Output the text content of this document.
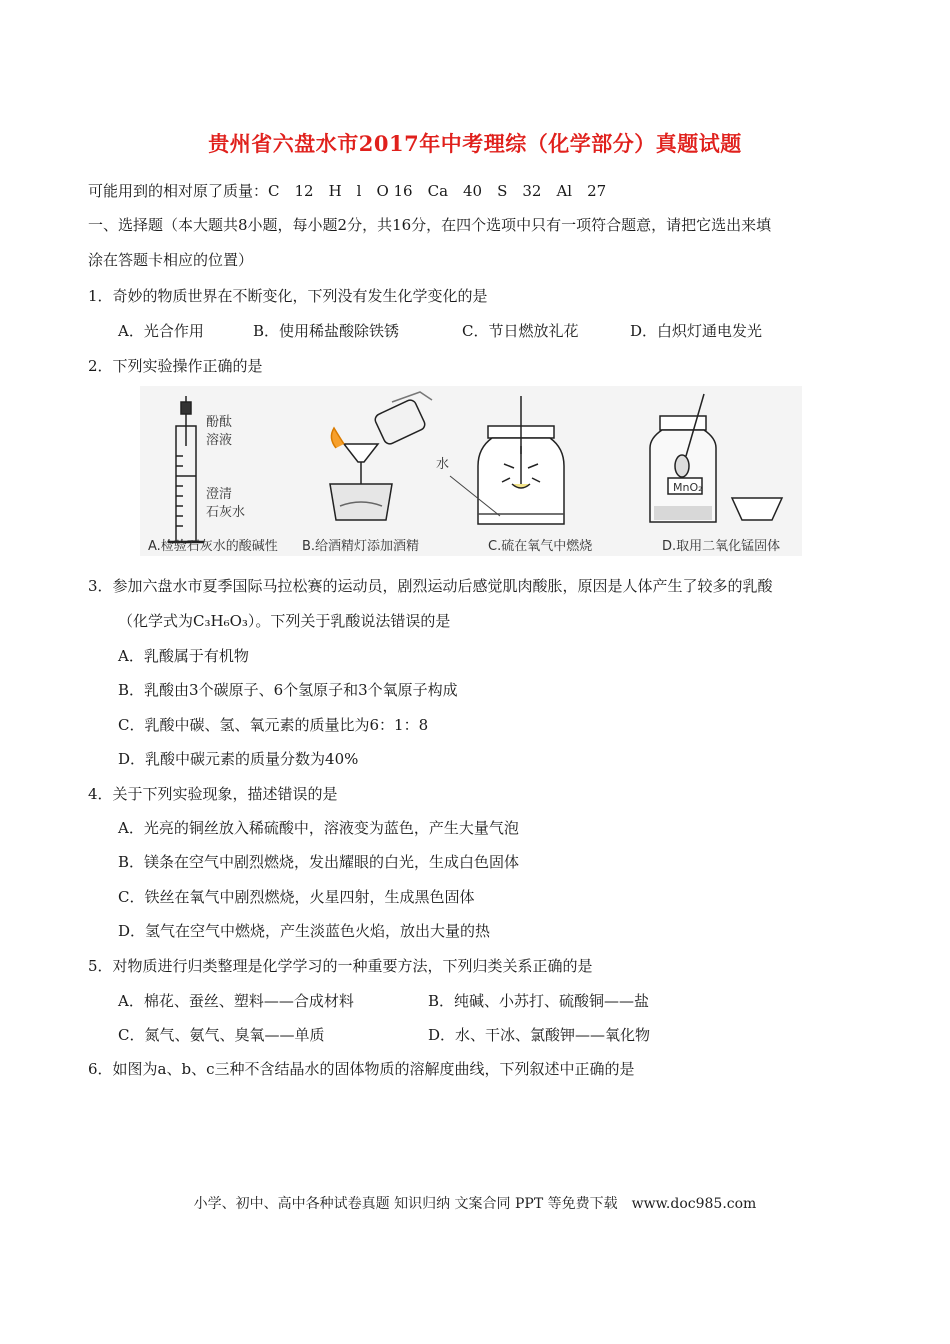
贵州省六盘水市2017年中考理综（化学部分）真题试题
可能用到的相对原了质量：C　12　H　l　O 16　Ca　40　S　32　Al　27
一、选择题（本大题共8小题，每小题2分，共16分，在四个选项中只有一项符合题意，请把它选出来填
涂在答题卡相应的位置）
1．奇妙的物质世界在不断变化，下列没有发生化学变化的是
A．光合作用	B．使用稀盐酸除铁锈	C．节日燃放礼花	D．白炽灯通电发光
2．下列实验操作正确的是
酚酞
溶液
澄清
石灰水
水
MnO₂
A.检验石灰水的酸碱性 B.给酒精灯添加酒精	C.硫在氧气中燃烧	D.取用二氧化锰固体
3．参加六盘水市夏季国际马拉松赛的运动员，剧烈运动后感觉肌肉酸胀，原因是人体产生了较多的乳酸
（化学式为C₃H₆O₃）。下列关于乳酸说法错误的是
A．乳酸属于有机物
B．乳酸由3个碳原子、6个氢原子和3个氧原子构成
C．乳酸中碳、氢、氧元素的质量比为6：1：8
D．乳酸中碳元素的质量分数为40%
4．关于下列实验现象，描述错误的是
A．光亮的铜丝放入稀硫酸中，溶液变为蓝色，产生大量气泡
B．镁条在空气中剧烈燃烧，发出耀眼的白光，生成白色固体
C．铁丝在氧气中剧烈燃烧，火星四射，生成黑色固体
D．氢气在空气中燃烧，产生淡蓝色火焰，放出大量的热
5．对物质进行归类整理是化学学习的一种重要方法，下列归类关系正确的是
A．棉花、蚕丝、塑料——合成材料	B．纯碱、小苏打、硫酸铜——盐
C．氮气、氨气、臭氧——单质	D．水、干冰、氯酸钾——氧化物
6．如图为a、b、c三种不含结晶水的固体物质的溶解度曲线，下列叙述中正确的是
小学、初中、高中各种试卷真题 知识归纳 文案合同 PPT 等免费下载　www.doc985.com
